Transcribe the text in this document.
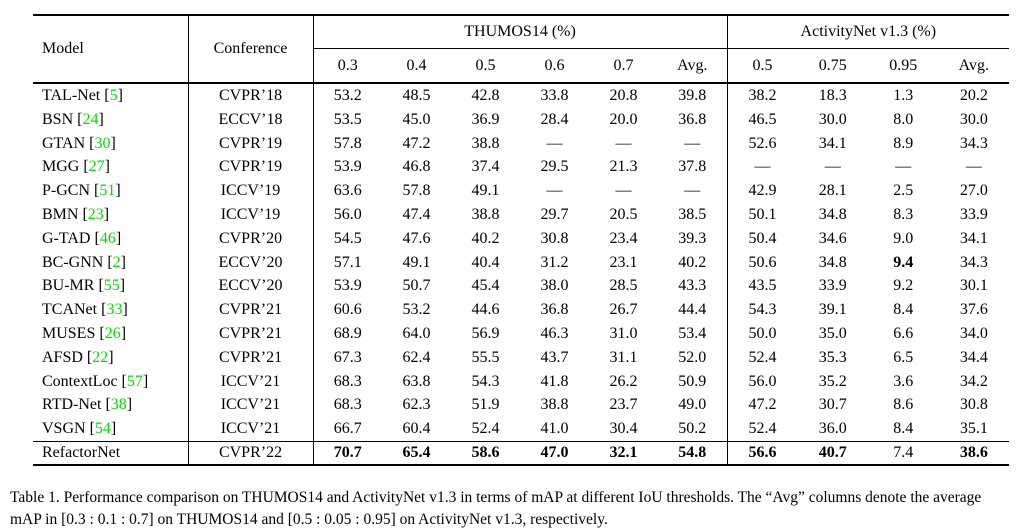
Model	Conference	THUMOS14 (%)						ActivityNet v1.3 (%)			
		0.3	0.4	0.5	0.6	0.7	Avg.	0.5	0.75	0.95	Avg.
TAL-Net [5]	CVPR’18	53.2	48.5	42.8	33.8	20.8	39.8	38.2	18.3	1.3	20.2
BSN [24]	ECCV’18	53.5	45.0	36.9	28.4	20.0	36.8	46.5	30.0	8.0	30.0
GTAN [30]	CVPR’19	57.8	47.2	38.8	—	—	—	52.6	34.1	8.9	34.3
MGG [27]	CVPR’19	53.9	46.8	37.4	29.5	21.3	37.8	—	—	—	—
P-GCN [51]	ICCV’19	63.6	57.8	49.1	—	—	—	42.9	28.1	2.5	27.0
BMN [23]	ICCV’19	56.0	47.4	38.8	29.7	20.5	38.5	50.1	34.8	8.3	33.9
G-TAD [46]	CVPR’20	54.5	47.6	40.2	30.8	23.4	39.3	50.4	34.6	9.0	34.1
BC-GNN [2]	ECCV’20	57.1	49.1	40.4	31.2	23.1	40.2	50.6	34.8	9.4	34.3
BU-MR [55]	ECCV’20	53.9	50.7	45.4	38.0	28.5	43.3	43.5	33.9	9.2	30.1
TCANet [33]	CVPR’21	60.6	53.2	44.6	36.8	26.7	44.4	54.3	39.1	8.4	37.6
MUSES [26]	CVPR’21	68.9	64.0	56.9	46.3	31.0	53.4	50.0	35.0	6.6	34.0
AFSD [22]	CVPR’21	67.3	62.4	55.5	43.7	31.1	52.0	52.4	35.3	6.5	34.4
ContextLoc [57]	ICCV’21	68.3	63.8	54.3	41.8	26.2	50.9	56.0	35.2	3.6	34.2
RTD-Net [38]	ICCV’21	68.3	62.3	51.9	38.8	23.7	49.0	47.2	30.7	8.6	30.8
VSGN [54]	ICCV’21	66.7	60.4	52.4	41.0	30.4	50.2	52.4	36.0	8.4	35.1
RefactorNet	CVPR’22	70.7	65.4	58.6	47.0	32.1	54.8	56.6	40.7	7.4	38.6
Table 1. Performance comparison on THUMOS14 and ActivityNet v1.3 in terms of mAP at different IoU thresholds. The “Avg” columns denote the average mAP in [0.3 : 0.1 : 0.7] on THUMOS14 and [0.5 : 0.05 : 0.95] on ActivityNet v1.3, respectively.
